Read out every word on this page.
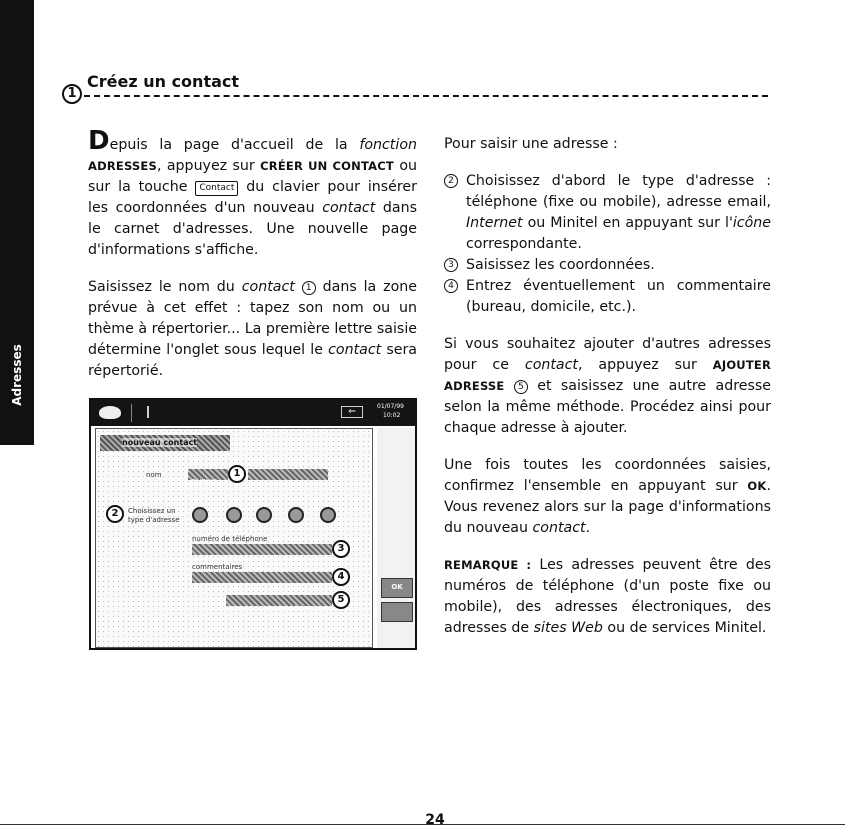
Adresses
1
Créez un contact

Depuis la page d'accueil de la fonction ADRESSES, appuyez sur CRÉER UN CONTACT ou sur la touche Contact du clavier pour insérer les coordonnées d'un nouveau contact dans le carnet d'adresses. Une nouvelle page d'informations s'affiche.

Saisissez le nom du contact 1 dans la zone prévue à cet effet : tapez son nom ou un thème à répertorier... La première lettre saisie détermine l'onglet sous lequel le contact sera répertorié.

⇐
01/07/99
10:02
nouveau contact
nom
DUPUIS
1
2	Choisissez un
type d'adresse
numéro de téléphone
3
commentaires
4
ajouter adresse
5
OK

Pour saisir une adresse :

2 Choisissez d'abord le type d'adresse : téléphone (fixe ou mobile), adresse email, Internet ou Minitel en appuyant sur l'icône correspondante.
3 Saisissez les coordonnées.
4 Entrez éventuellement un commentaire (bureau, domicile, etc.).

Si vous souhaitez ajouter d'autres adresses pour ce contact, appuyez sur AJOUTER ADRESSE 5 et saisissez une autre adresse selon la même méthode. Procédez ainsi pour chaque adresse à ajouter.

Une fois toutes les coordonnées saisies, confirmez l'ensemble en appuyant sur OK. Vous revenez alors sur la page d'informations du nouveau contact.

REMARQUE : Les adresses peuvent être des numéros de téléphone (d'un poste fixe ou mobile), des adresses électroniques, des adresses de sites Web ou de services Minitel.

24
